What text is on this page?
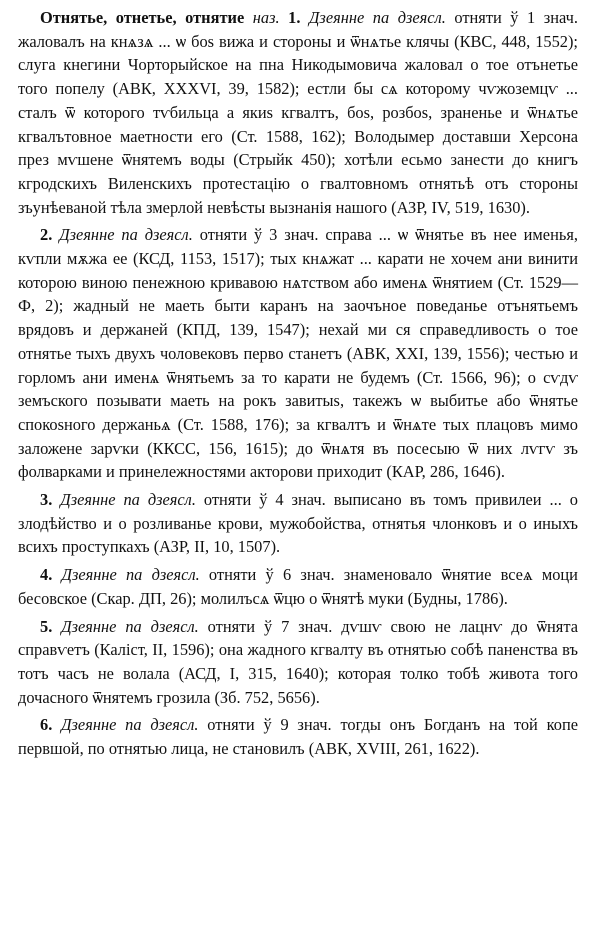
Отнятье, отнетье, отнятие наз. 1. Дзеянне па дзеясл. отняти ў 1 знач. жаловалъ на кнѧзѧ ... ѡ боs вижа и стороны и ѿнѧтье клячы (КВС, 448, 1552); слуга кнегини Чорторыйское на пна Никодымовича жаловал о тое отънетье того попелу (АВК, XXXVI, 39, 1582); естли бы сѧ которому чѵжоземцѵ ... сталъ ѿ которого тѵбильца а якиs кгвалтъ, боs, розбоs, зраненье и ѿнѧтье кгвалътовное маетности его (Ст. 1588, 162); Володымер доставши Херсона през мѵшене ѿнятемъ воды (Стрыйк 450); хотѣли есьмо занести до книгъ кгродскихъ Виленскихъ протестацію о гвалтовномъ отнятьѣ отъ стороны зъунѣеваной тѣла змерлой невѣсты вызнанія нашого (АЗР, IV, 519, 1630).

2. Дзеянне па дзеясл. отняти ў 3 знач. справа ... ѡ ѿнятье въ нее именья, кѵпли мѫжа ее (КСД, 1153, 1517); тых кнѧжат ... карати не хочем ани винити которою виною пенежною кривавою нѧтством або именѧ ѿнятием (Ст. 1529—Ф, 2); жадный не маеть быти каранъ на заочъное поведанье отънятьемъ врядовъ и держаней (КПД, 139, 1547); нехай ми ся справедливость о тое отнятье тыхъ двухъ чоловековъ перво станетъ (АВК, XXI, 139, 1556); честью и горломъ ани именѧ ѿнятьемъ за то карати не будемъ (Ст. 1566, 96); о сѵдѵ земъского позывати маеть на рокъ завитыs, такежъ ѡ выбитье або ѿнятье спокоsного держаньѧ (Ст. 1588, 176); за кгвалтъ и ѿнѧте тых плацовъ мимо заложене зарѵки (ККСС, 156, 1615); до ѿнѧтя въ посесыю ѿ них лѵгѵ зъ фолварками и принележностями акторови приходит (КАР, 286, 1646).

3. Дзеянне па дзеясл. отняти ў 4 знач. выписано въ томъ привилеи ... о злодѣйство и о розливанье крови, мужобойства, отнятья члонковъ и о иныхъ всихъ проступкахъ (АЗР, II, 10, 1507).

4. Дзеянне па дзеясл. отняти ў 6 знач. знаменовало ѿнятие всеѧ моци бесовское (Скар. ДП, 26); молилъсѧ ѿцю о ѿнятѣ муки (Будны, 1786).

5. Дзеянне па дзеясл. отняти ў 7 знач. дѵшѵ свою не лацнѵ до ѿнята справѵетъ (Каліст, II, 1596); она жадного кгвалту въ отнятью собѣ паненства въ тотъ часъ не волала (АСД, I, 315, 1640); которая толко тобѣ живота того дочасного ѿнятемъ грозила (Зб. 752, 5656).

6. Дзеянне па дзеясл. отняти ў 9 знач. тогды онъ Богданъ на той копе первшой, по отнятью лица, не становилъ (АВК, XVIII, 261, 1622).
